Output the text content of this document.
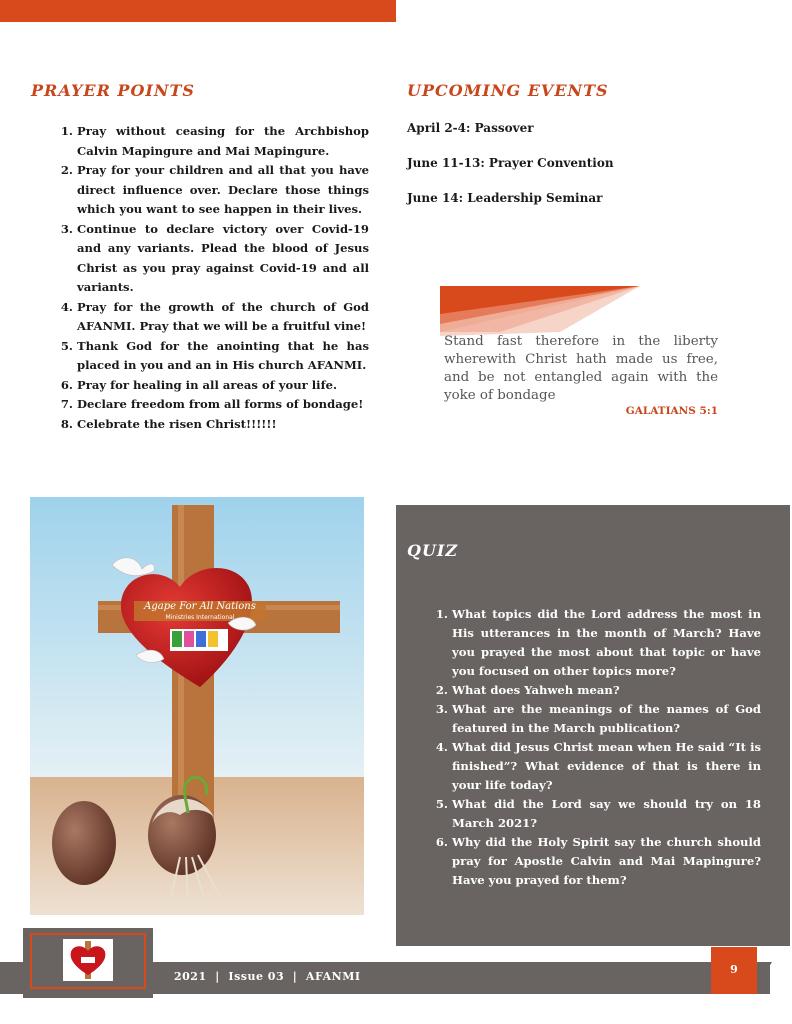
PRAYER POINTS
1. Pray without ceasing for the Archbishop Calvin Mapingure and Mai Mapingure.
2. Pray for your children and all that you have direct influence over. Declare those things which you want to see happen in their lives.
3. Continue to declare victory over Covid-19 and any variants. Plead the blood of Jesus Christ as you pray against Covid-19 and all variants.
4. Pray for the growth of the church of God AFANMI. Pray that we will be a fruitful vine!
5. Thank God for the anointing that he has placed in you and an in His church AFANMI.
6. Pray for healing in all areas of your life.
7. Declare freedom from all forms of bondage!
8. Celebrate the risen Christ!!!!!!
UPCOMING EVENTS
April 2-4: Passover
June 11-13: Prayer Convention
June 14: Leadership Seminar
Stand fast therefore in the liberty wherewith Christ hath made us free, and be not entangled again with the yoke of bondage
GALATIANS 5:1
Agape For All Nations
Ministries International
QUIZ
1. What topics did the Lord address the most in His utterances in the month of March? Have you prayed the most about that topic or have you focused on other topics more?
2. What does Yahweh mean?
3. What are the meanings of the names of God featured in the March publication?
4. What did Jesus Christ mean when He said “It is finished”? What evidence of that is there in your life today?
5. What did the Lord say we should try on 18 March 2021?
6. Why did the Holy Spirit say the church should pray for Apostle Calvin and Mai Mapingure? Have you prayed for them?
2021  |  Issue 03  |  AFANMI
9
